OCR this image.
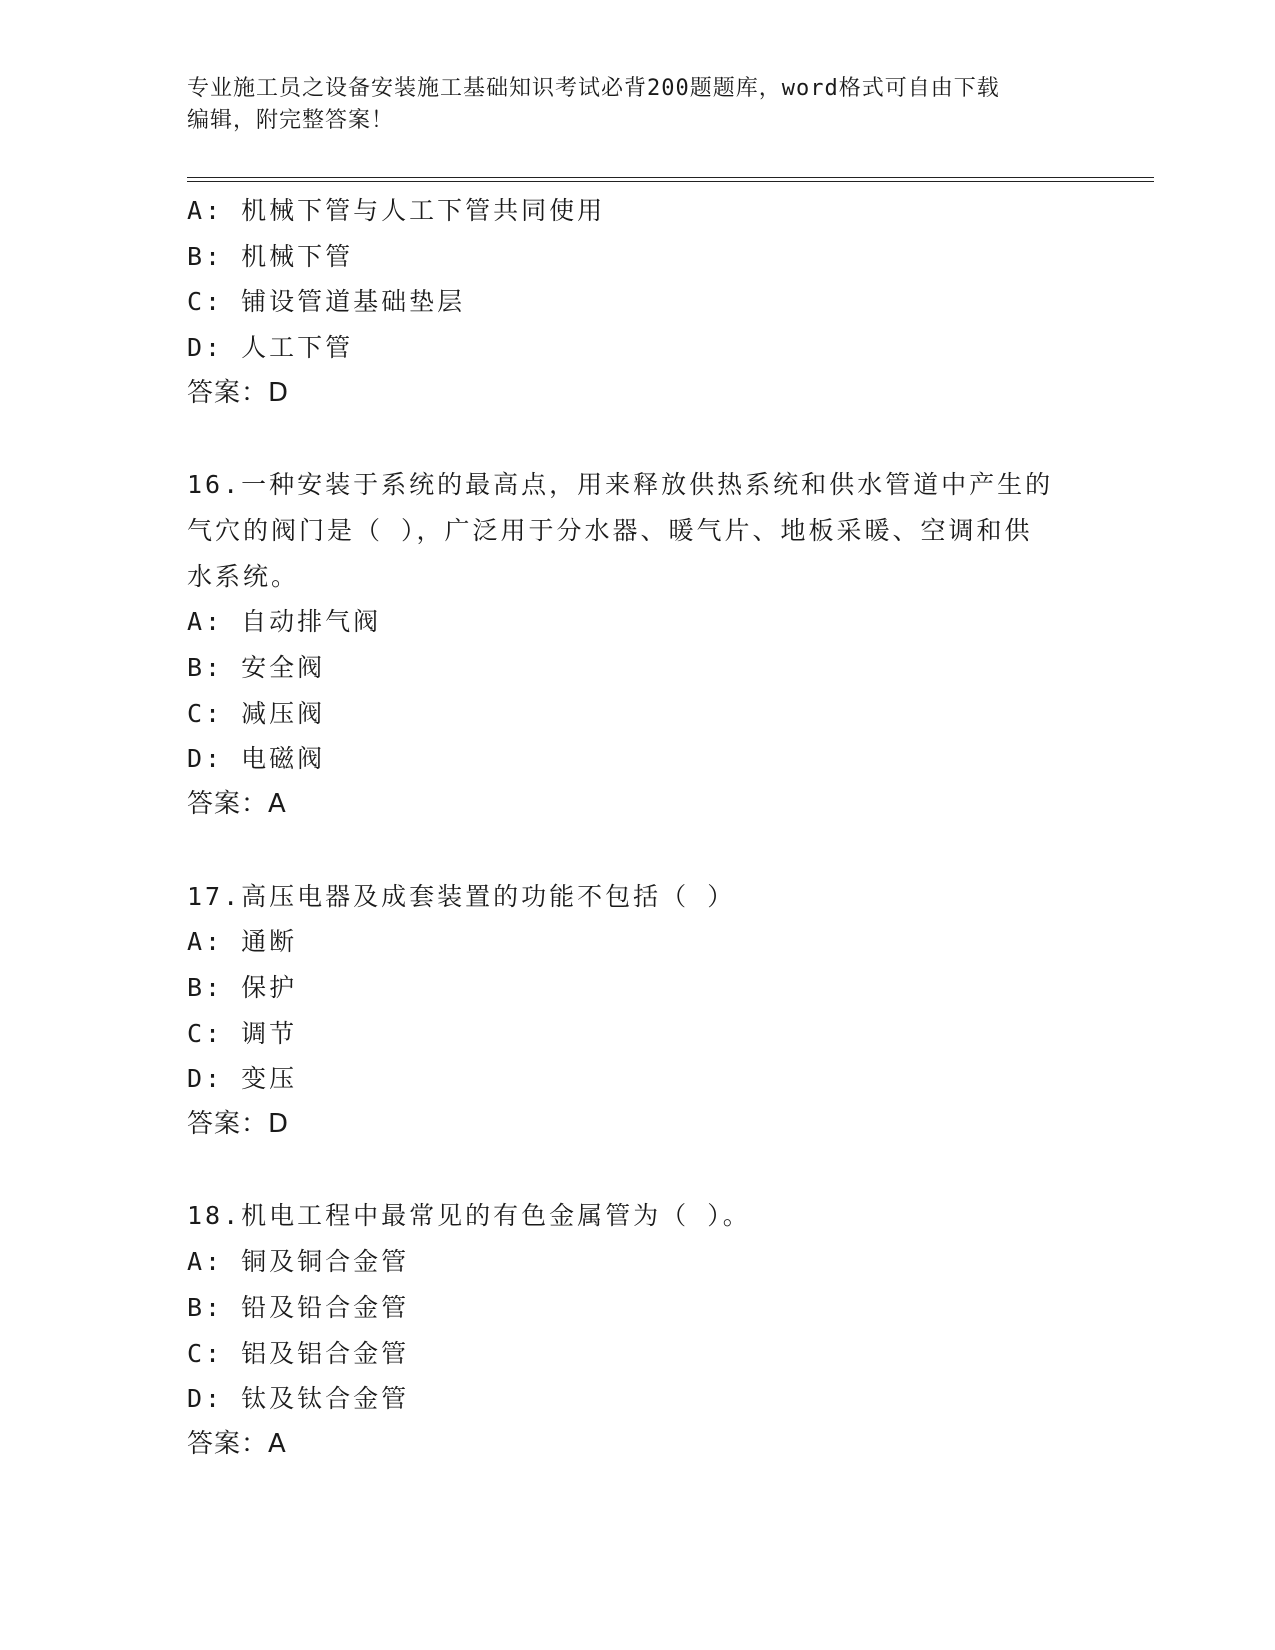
专业施工员之设备安装施工基础知识考试必背200题题库，word格式可自由下载
编辑，附完整答案！
A: 机械下管与人工下管共同使用
B: 机械下管
C: 铺设管道基础垫层
D: 人工下管
答案：D
16.一种安装于系统的最高点，用来释放供热系统和供水管道中产生的
气穴的阀门是（ ），广泛用于分水器、暖气片、地板采暖、空调和供
水系统。
A: 自动排气阀
B: 安全阀
C: 减压阀
D: 电磁阀
答案：A
17.高压电器及成套装置的功能不包括（ ）
A: 通断
B: 保护
C: 调节
D: 变压
答案：D
18.机电工程中最常见的有色金属管为（ ）。
A: 铜及铜合金管
B: 铅及铅合金管
C: 铝及铝合金管
D: 钛及钛合金管
答案：A
